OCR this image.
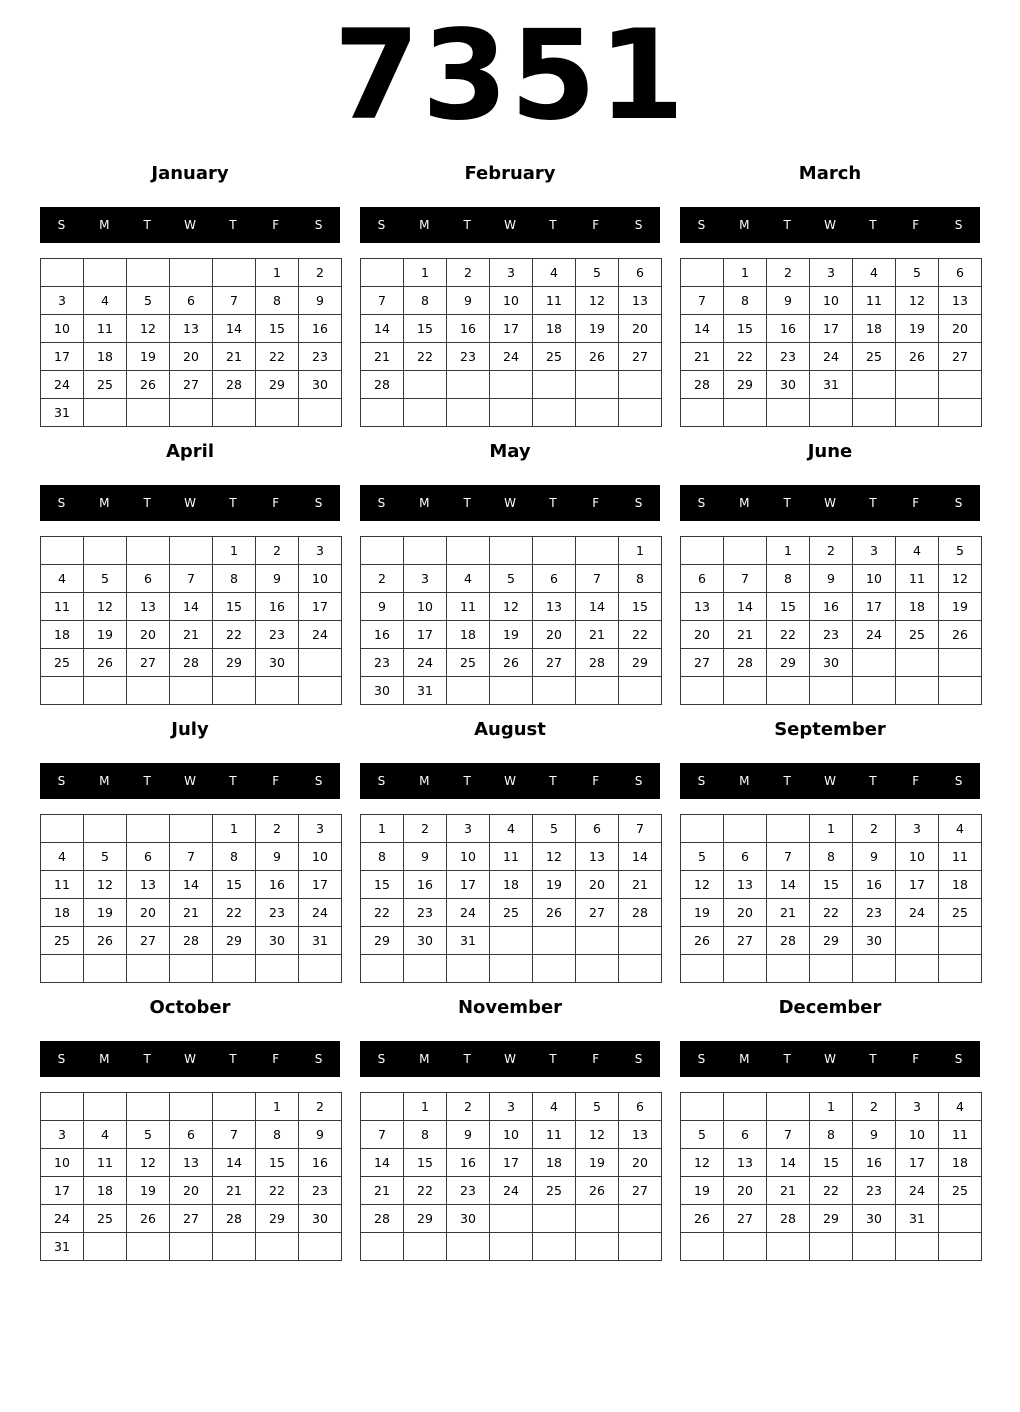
7351
January
S	M	T	W	T	F	S
					1	2
3	4	5	6	7	8	9
10	11	12	13	14	15	16
17	18	19	20	21	22	23
24	25	26	27	28	29	30
31						
February
S	M	T	W	T	F	S
	1	2	3	4	5	6
7	8	9	10	11	12	13
14	15	16	17	18	19	20
21	22	23	24	25	26	27
28						

March
S	M	T	W	T	F	S
	1	2	3	4	5	6
7	8	9	10	11	12	13
14	15	16	17	18	19	20
21	22	23	24	25	26	27
28	29	30	31			

April
S	M	T	W	T	F	S
				1	2	3
4	5	6	7	8	9	10
11	12	13	14	15	16	17
18	19	20	21	22	23	24
25	26	27	28	29	30	

May
S	M	T	W	T	F	S
						1
2	3	4	5	6	7	8
9	10	11	12	13	14	15
16	17	18	19	20	21	22
23	24	25	26	27	28	29
30	31					
June
S	M	T	W	T	F	S
		1	2	3	4	5
6	7	8	9	10	11	12
13	14	15	16	17	18	19
20	21	22	23	24	25	26
27	28	29	30			

July
S	M	T	W	T	F	S
				1	2	3
4	5	6	7	8	9	10
11	12	13	14	15	16	17
18	19	20	21	22	23	24
25	26	27	28	29	30	31

August
S	M	T	W	T	F	S
1	2	3	4	5	6	7
8	9	10	11	12	13	14
15	16	17	18	19	20	21
22	23	24	25	26	27	28
29	30	31				

September
S	M	T	W	T	F	S
			1	2	3	4
5	6	7	8	9	10	11
12	13	14	15	16	17	18
19	20	21	22	23	24	25
26	27	28	29	30		

October
S	M	T	W	T	F	S
					1	2
3	4	5	6	7	8	9
10	11	12	13	14	15	16
17	18	19	20	21	22	23
24	25	26	27	28	29	30
31						
November
S	M	T	W	T	F	S
	1	2	3	4	5	6
7	8	9	10	11	12	13
14	15	16	17	18	19	20
21	22	23	24	25	26	27
28	29	30				

December
S	M	T	W	T	F	S
			1	2	3	4
5	6	7	8	9	10	11
12	13	14	15	16	17	18
19	20	21	22	23	24	25
26	27	28	29	30	31	
